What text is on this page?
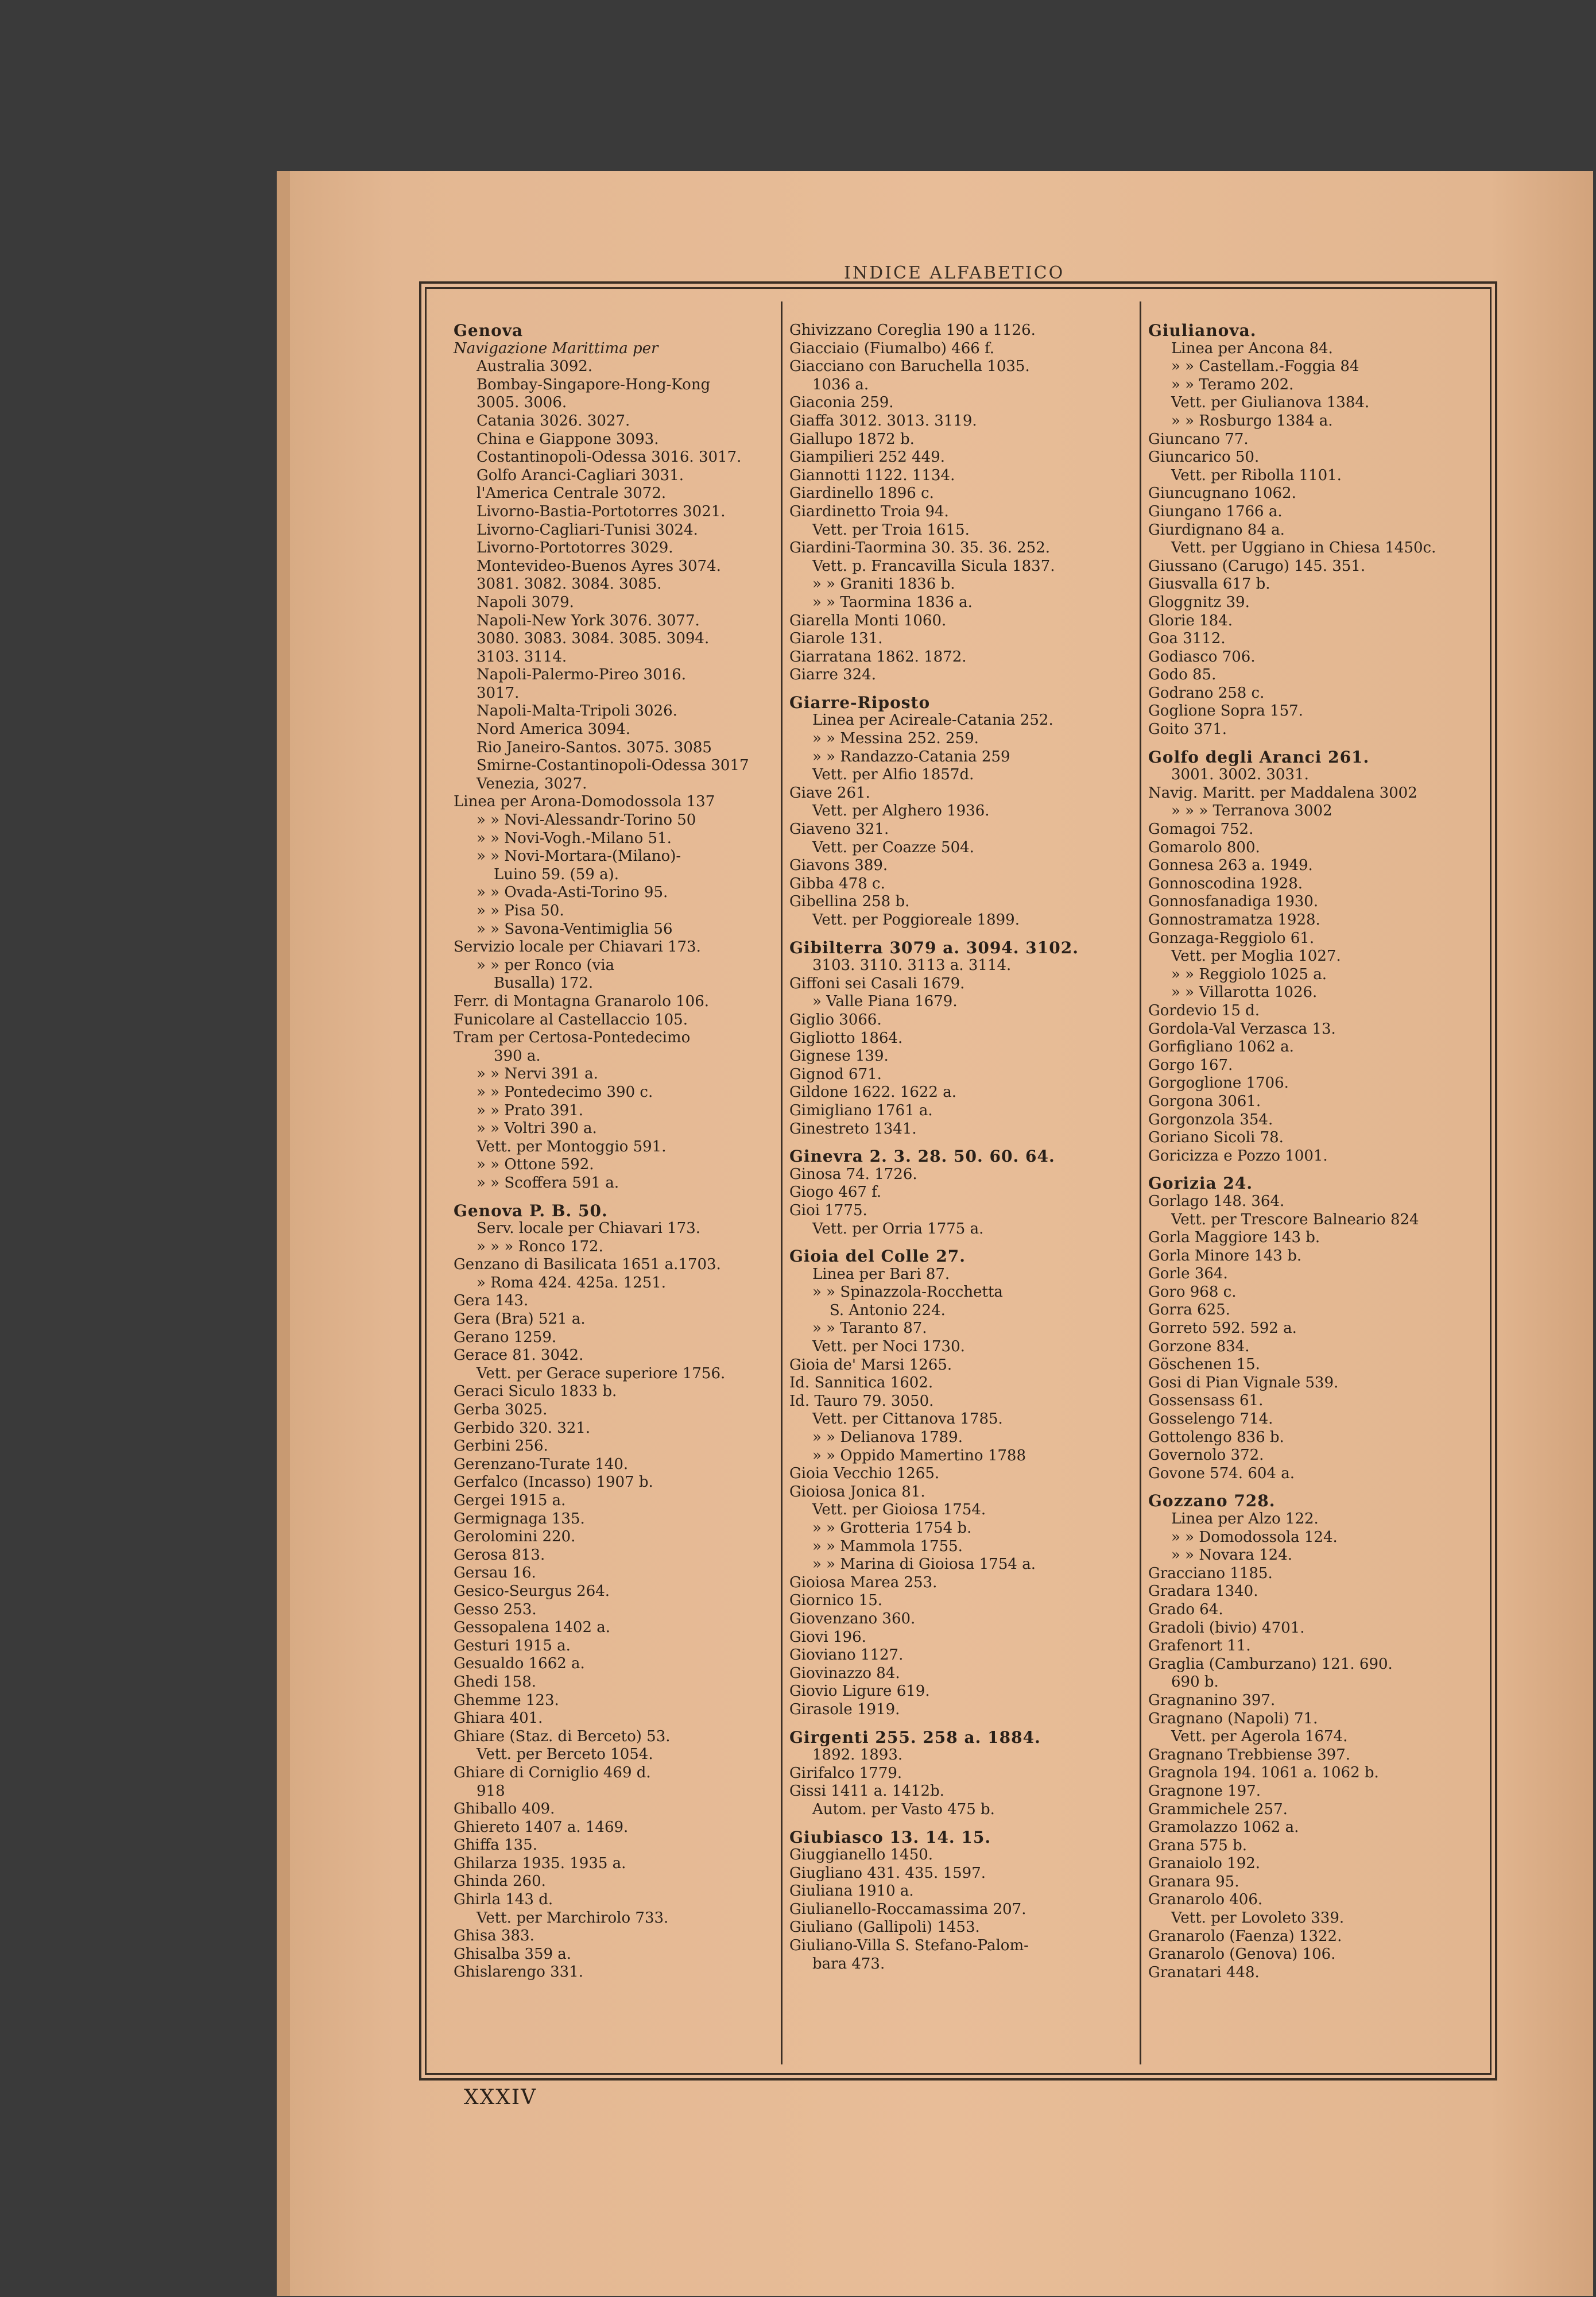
INDICE ALFABETICO
Genova
Navigazione Marittima per
Australia 3092.
Bombay-Singapore-Hong-Kong
3005. 3006.
Catania 3026. 3027.
China e Giappone 3093.
Costantinopoli-Odessa 3016. 3017.
Golfo Aranci-Cagliari 3031.
l'America Centrale 3072.
Livorno-Bastia-Portotorres 3021.
Livorno-Cagliari-Tunisi 3024.
Livorno-Portotorres 3029.
Montevideo-Buenos Ayres 3074.
3081. 3082. 3084. 3085.
Napoli 3079.
Napoli-New York 3076. 3077.
3080. 3083. 3084. 3085. 3094.
3103. 3114.
Napoli-Palermo-Pireo 3016.
3017.
Napoli-Malta-Tripoli 3026.
Nord America 3094.
Rio Janeiro-Santos. 3075. 3085
Smirne-Costantinopoli-Odessa 3017
Venezia, 3027.
Linea per Arona-Domodossola 137
» » Novi-Alessandr-Torino 50
» » Novi-Vogh.-Milano 51.
» » Novi-Mortara-(Milano)-
Luino 59. (59 a).
» » Ovada-Asti-Torino 95.
» » Pisa 50.
» » Savona-Ventimiglia 56
Servizio locale per Chiavari 173.
» » per Ronco (via
Busalla) 172.
Ferr. di Montagna Granarolo 106.
Funicolare al Castellaccio 105.
Tram per Certosa-Pontedecimo
390 a.
» » Nervi 391 a.
» » Pontedecimo 390 c.
» » Prato 391.
» » Voltri 390 a.
Vett. per Montoggio 591.
» » Ottone 592.
» » Scoffera 591 a.
Genova P. B. 50.
Serv. locale per Chiavari 173.
» » » Ronco 172.
Genzano di Basilicata 1651 a.1703.
» Roma 424. 425a. 1251.
Gera 143.
Gera (Bra) 521 a.
Gerano 1259.
Gerace 81. 3042.
Vett. per Gerace superiore 1756.
Geraci Siculo 1833 b.
Gerba 3025.
Gerbido 320. 321.
Gerbini 256.
Gerenzano-Turate 140.
Gerfalco (Incasso) 1907 b.
Gergei 1915 a.
Germignaga 135.
Gerolomini 220.
Gerosa 813.
Gersau 16.
Gesico-Seurgus 264.
Gesso 253.
Gessopalena 1402 a.
Gesturi 1915 a.
Gesualdo 1662 a.
Ghedi 158.
Ghemme 123.
Ghiara 401.
Ghiare (Staz. di Berceto) 53.
Vett. per Berceto 1054.
Ghiare di Corniglio 469 d.
918
Ghiballo 409.
Ghiereto 1407 a. 1469.
Ghiffa 135.
Ghilarza 1935. 1935 a.
Ghinda 260.
Ghirla 143 d.
Vett. per Marchirolo 733.
Ghisa 383.
Ghisalba 359 a.
Ghislarengo 331.
Ghivizzano Coreglia 190 a 1126.
Giacciaio (Fiumalbo) 466 f.
Giacciano con Baruchella 1035.
1036 a.
Giaconia 259.
Giaffa 3012. 3013. 3119.
Giallupo 1872 b.
Giampilieri 252 449.
Giannotti 1122. 1134.
Giardinello 1896 c.
Giardinetto Troia 94.
Vett. per Troia 1615.
Giardini-Taormina 30. 35. 36. 252.
Vett. p. Francavilla Sicula 1837.
» » Graniti 1836 b.
» » Taormina 1836 a.
Giarella Monti 1060.
Giarole 131.
Giarratana 1862. 1872.
Giarre 324.
Giarre-Riposto
Linea per Acireale-Catania 252.
» » Messina 252. 259.
» » Randazzo-Catania 259
Vett. per Alfio 1857d.
Giave 261.
Vett. per Alghero 1936.
Giaveno 321.
Vett. per Coazze 504.
Giavons 389.
Gibba 478 c.
Gibellina 258 b.
Vett. per Poggioreale 1899.
Gibilterra 3079 a. 3094. 3102.
3103. 3110. 3113 a. 3114.
Giffoni sei Casali 1679.
» Valle Piana 1679.
Giglio 3066.
Gigliotto 1864.
Gignese 139.
Gignod 671.
Gildone 1622. 1622 a.
Gimigliano 1761 a.
Ginestreto 1341.
Ginevra 2. 3. 28. 50. 60. 64.
Ginosa 74. 1726.
Giogo 467 f.
Gioi 1775.
Vett. per Orria 1775 a.
Gioia del Colle 27.
Linea per Bari 87.
» » Spinazzola-Rocchetta
S. Antonio 224.
» » Taranto 87.
Vett. per Noci 1730.
Gioia de' Marsi 1265.
Id. Sannitica 1602.
Id. Tauro 79. 3050.
Vett. per Cittanova 1785.
» » Delianova 1789.
» » Oppido Mamertino 1788
Gioia Vecchio 1265.
Gioiosa Jonica 81.
Vett. per Gioiosa 1754.
» » Grotteria 1754 b.
» » Mammola 1755.
» » Marina di Gioiosa 1754 a.
Gioiosa Marea 253.
Giornico 15.
Giovenzano 360.
Giovi 196.
Gioviano 1127.
Giovinazzo 84.
Giovio Ligure 619.
Girasole 1919.
Girgenti 255. 258 a. 1884.
1892. 1893.
Girifalco 1779.
Gissi 1411 a. 1412b.
Autom. per Vasto 475 b.
Giubiasco 13. 14. 15.
Giuggianello 1450.
Giugliano 431. 435. 1597.
Giuliana 1910 a.
Giulianello-Roccamassima 207.
Giuliano (Gallipoli) 1453.
Giuliano-Villa S. Stefano-Palom-
bara 473.
Giulianova.
Linea per Ancona 84.
» » Castellam.-Foggia 84
» » Teramo 202.
Vett. per Giulianova 1384.
» » Rosburgo 1384 a.
Giuncano 77.
Giuncarico 50.
Vett. per Ribolla 1101.
Giuncugnano 1062.
Giungano 1766 a.
Giurdignano 84 a.
Vett. per Uggiano in Chiesa 1450c.
Giussano (Carugo) 145. 351.
Giusvalla 617 b.
Gloggnitz 39.
Glorie 184.
Goa 3112.
Godiasco 706.
Godo 85.
Godrano 258 c.
Goglione Sopra 157.
Goito 371.
Golfo degli Aranci 261.
3001. 3002. 3031.
Navig. Maritt. per Maddalena 3002
» » » Terranova 3002
Gomagoi 752.
Gomarolo 800.
Gonnesa 263 a. 1949.
Gonnoscodina 1928.
Gonnosfanadiga 1930.
Gonnostramatza 1928.
Gonzaga-Reggiolo 61.
Vett. per Moglia 1027.
» » Reggiolo 1025 a.
» » Villarotta 1026.
Gordevio 15 d.
Gordola-Val Verzasca 13.
Gorfigliano 1062 a.
Gorgo 167.
Gorgoglione 1706.
Gorgona 3061.
Gorgonzola 354.
Goriano Sicoli 78.
Goricizza e Pozzo 1001.
Gorizia 24.
Gorlago 148. 364.
Vett. per Trescore Balneario 824
Gorla Maggiore 143 b.
Gorla Minore 143 b.
Gorle 364.
Goro 968 c.
Gorra 625.
Gorreto 592. 592 a.
Gorzone 834.
Göschenen 15.
Gosi di Pian Vignale 539.
Gossensass 61.
Gosselengo 714.
Gottolengo 836 b.
Governolo 372.
Govone 574. 604 a.
Gozzano 728.
Linea per Alzo 122.
» » Domodossola 124.
» » Novara 124.
Gracciano 1185.
Gradara 1340.
Grado 64.
Gradoli (bivio) 4701.
Grafenort 11.
Graglia (Camburzano) 121. 690.
690 b.
Gragnanino 397.
Gragnano (Napoli) 71.
Vett. per Agerola 1674.
Gragnano Trebbiense 397.
Gragnola 194. 1061 a. 1062 b.
Gragnone 197.
Grammichele 257.
Gramolazzo 1062 a.
Grana 575 b.
Granaiolo 192.
Granara 95.
Granarolo 406.
Vett. per Lovoleto 339.
Granarolo (Faenza) 1322.
Granarolo (Genova) 106.
Granatari 448.
XXXIV
